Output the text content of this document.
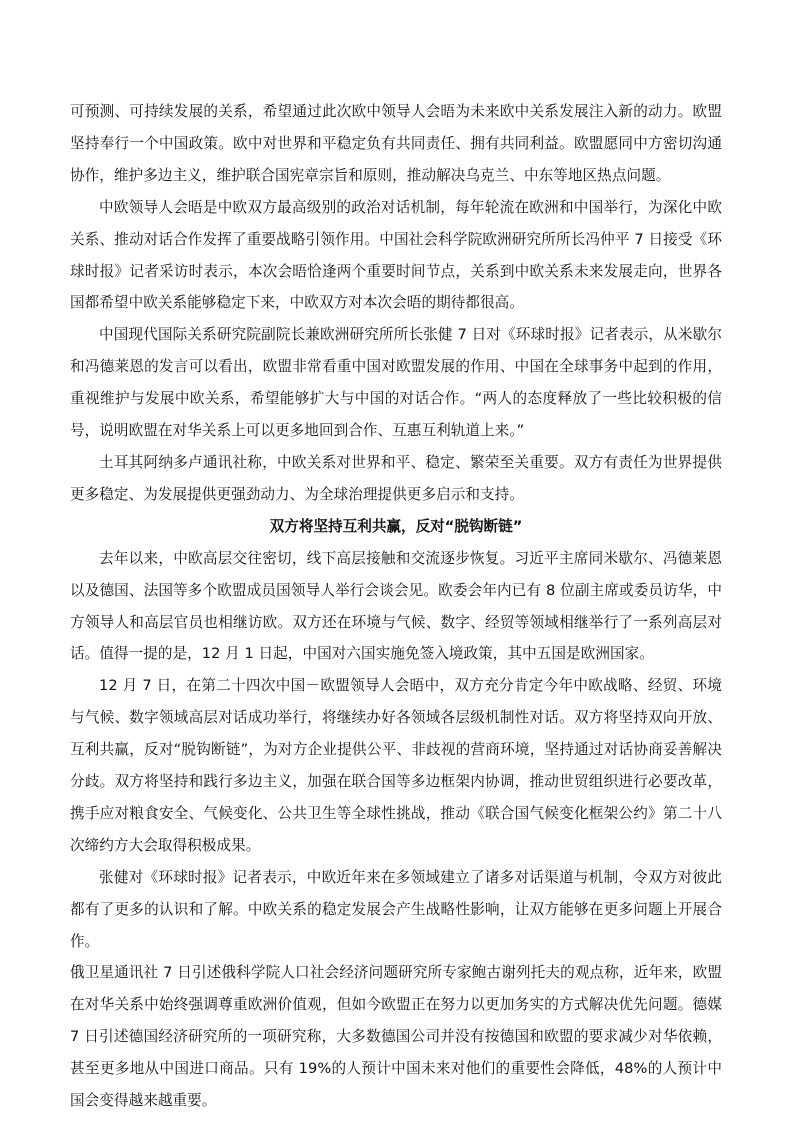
可预测、可持续发展的关系，希望通过此次欧中领导人会晤为未来欧中关系发展注入新的动力。欧盟坚持奉行一个中国政策。欧中对世界和平稳定负有共同责任、拥有共同利益。欧盟愿同中方密切沟通协作，维护多边主义，维护联合国宪章宗旨和原则，推动解决乌克兰、中东等地区热点问题。

中欧领导人会晤是中欧双方最高级别的政治对话机制，每年轮流在欧洲和中国举行，为深化中欧关系、推动对话合作发挥了重要战略引领作用。中国社会科学院欧洲研究所所长冯仲平 7 日接受《环球时报》记者采访时表示，本次会晤恰逢两个重要时间节点，关系到中欧关系未来发展走向，世界各国都希望中欧关系能够稳定下来，中欧双方对本次会晤的期待都很高。

中国现代国际关系研究院副院长兼欧洲研究所所长张健 7 日对《环球时报》记者表示，从米歇尔和冯德莱恩的发言可以看出，欧盟非常看重中国对欧盟发展的作用、中国在全球事务中起到的作用，重视维护与发展中欧关系，希望能够扩大与中国的对话合作。“两人的态度释放了一些比较积极的信号，说明欧盟在对华关系上可以更多地回到合作、互惠互利轨道上来。”

土耳其阿纳多卢通讯社称，中欧关系对世界和平、稳定、繁荣至关重要。双方有责任为世界提供更多稳定、为发展提供更强劲动力、为全球治理提供更多启示和支持。

双方将坚持互利共赢，反对“脱钩断链”

去年以来，中欧高层交往密切，线下高层接触和交流逐步恢复。习近平主席同米歇尔、冯德莱恩以及德国、法国等多个欧盟成员国领导人举行会谈会见。欧委会年内已有 8 位副主席或委员访华，中方领导人和高层官员也相继访欧。双方还在环境与气候、数字、经贸等领域相继举行了一系列高层对话。值得一提的是，12 月 1 日起，中国对六国实施免签入境政策，其中五国是欧洲国家。

12 月 7 日，在第二十四次中国－欧盟领导人会晤中，双方充分肯定今年中欧战略、经贸、环境与气候、数字领域高层对话成功举行，将继续办好各领域各层级机制性对话。双方将坚持双向开放、互利共赢，反对“脱钩断链”，为对方企业提供公平、非歧视的营商环境，坚持通过对话协商妥善解决分歧。双方将坚持和践行多边主义，加强在联合国等多边框架内协调，推动世贸组织进行必要改革，携手应对粮食安全、气候变化、公共卫生等全球性挑战，推动《联合国气候变化框架公约》第二十八次缔约方大会取得积极成果。

张健对《环球时报》记者表示，中欧近年来在多领域建立了诸多对话渠道与机制，令双方对彼此都有了更多的认识和了解。中欧关系的稳定发展会产生战略性影响，让双方能够在更多问题上开展合作。

俄卫星通讯社 7 日引述俄科学院人口社会经济问题研究所专家鲍古谢列托夫的观点称，近年来，欧盟在对华关系中始终强调尊重欧洲价值观，但如今欧盟正在努力以更加务实的方式解决优先问题。德媒 7 日引述德国经济研究所的一项研究称，大多数德国公司并没有按德国和欧盟的要求减少对华依赖，甚至更多地从中国进口商品。只有 19%的人预计中国未来对他们的重要性会降低，48%的人预计中国会变得越来越重要。
